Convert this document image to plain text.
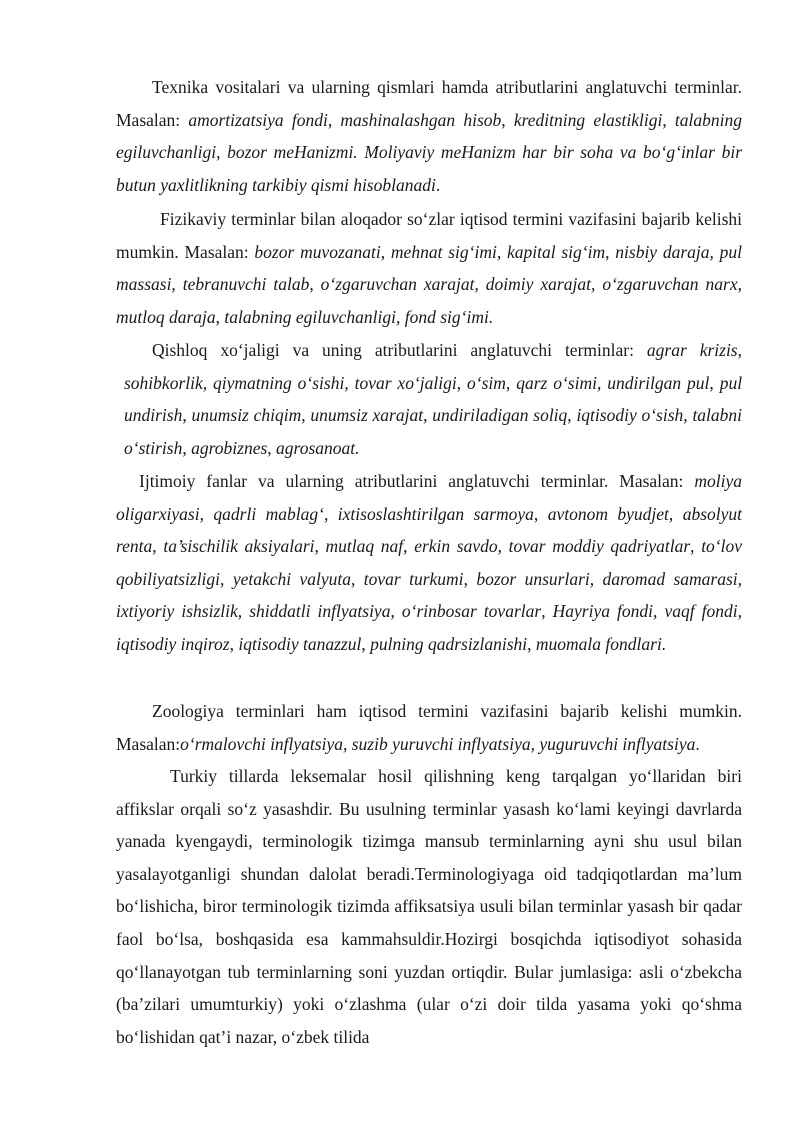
Texnika vositalari va ularning qismlari hamda atributlarini anglatuvchi terminlar. Masalan: amortizatsiya fondi, mashinalashgan hisob, kreditning elastikligi, talabning egiluvchanligi, bozor meHanizmi. Moliyaviy meHanizm har bir soha va bo‘g‘inlar bir butun yaxlitlikning tarkibiy qismi hisoblanadi.

Fizikaviy terminlar bilan aloqador so‘zlar iqtisod termini vazifasini bajarib kelishi mumkin. Masalan: bozor muvozanati, mehnat sig‘imi, kapital sig‘im, nisbiy daraja, pul massasi, tebranuvchi talab, o‘zgaruvchan xarajat, doimiy xarajat, o‘zgaruvchan narx, mutloq daraja, talabning egiluvchanligi, fond sig‘imi.

Qishloq xo‘jaligi va uning atributlarini anglatuvchi terminlar: agrar krizis, sohibkorlik, qiymatning o‘sishi, tovar xo‘jaligi, o‘sim, qarz o‘simi, undirilgan pul, pul undirish, unumsiz chiqim, unumsiz xarajat, undiriladigan soliq, iqtisodiy o‘sish, talabni o‘stirish, agrobiznes, agrosanoat.

Ijtimoiy fanlar va ularning atributlarini anglatuvchi terminlar. Masalan: moliya oligarxiyasi, qadrli mablag‘, ixtisoslashtirilgan sarmoya, avtonom byudjet, absolyut renta, ta’sischilik aksiyalari, mutlaq naf, erkin savdo, tovar moddiy qadriyatlar, to‘lov qobiliyatsizligi, yetakchi valyuta, tovar turkumi, bozor unsurlari, daromad samarasi, ixtiyoriy ishsizlik, shiddatli inflyatsiya, o‘rinbosar tovarlar, Hayriya fondi, vaqf fondi, iqtisodiy inqiroz, iqtisodiy tanazzul, pulning qadrsizlanishi, muomala fondlari.

Zoologiya terminlari ham iqtisod termini vazifasini bajarib kelishi mumkin. Masalan:o‘rmalovchi inflyatsiya, suzib yuruvchi inflyatsiya, yuguruvchi inflyatsiya.

Turkiy tillarda leksemalar hosil qilishning keng tarqalgan yo‘llaridan biri affikslar orqali so‘z yasashdir. Bu usulning terminlar yasash ko‘lami keyingi davrlarda yanada kyengaydi, terminologik tizimga mansub terminlarning ayni shu usul bilan yasalayotganligi shundan dalolat beradi.Terminologiyaga oid tadqiqotlardan ma’lum bo‘lishicha, biror terminologik tizimda affiksatsiya usuli bilan terminlar yasash bir qadar faol bo‘lsa, boshqasida esa kammahsuldir.Hozirgi bosqichda iqtisodiyot sohasida qo‘llanayotgan tub terminlarning soni yuzdan ortiqdir. Bular jumlasiga: asli o‘zbekcha (ba’zilari umumturkiy) yoki o‘zlashma (ular o‘zi doir tilda yasama yoki qo‘shma bo‘lishidan qat’i nazar, o‘zbek tilida
